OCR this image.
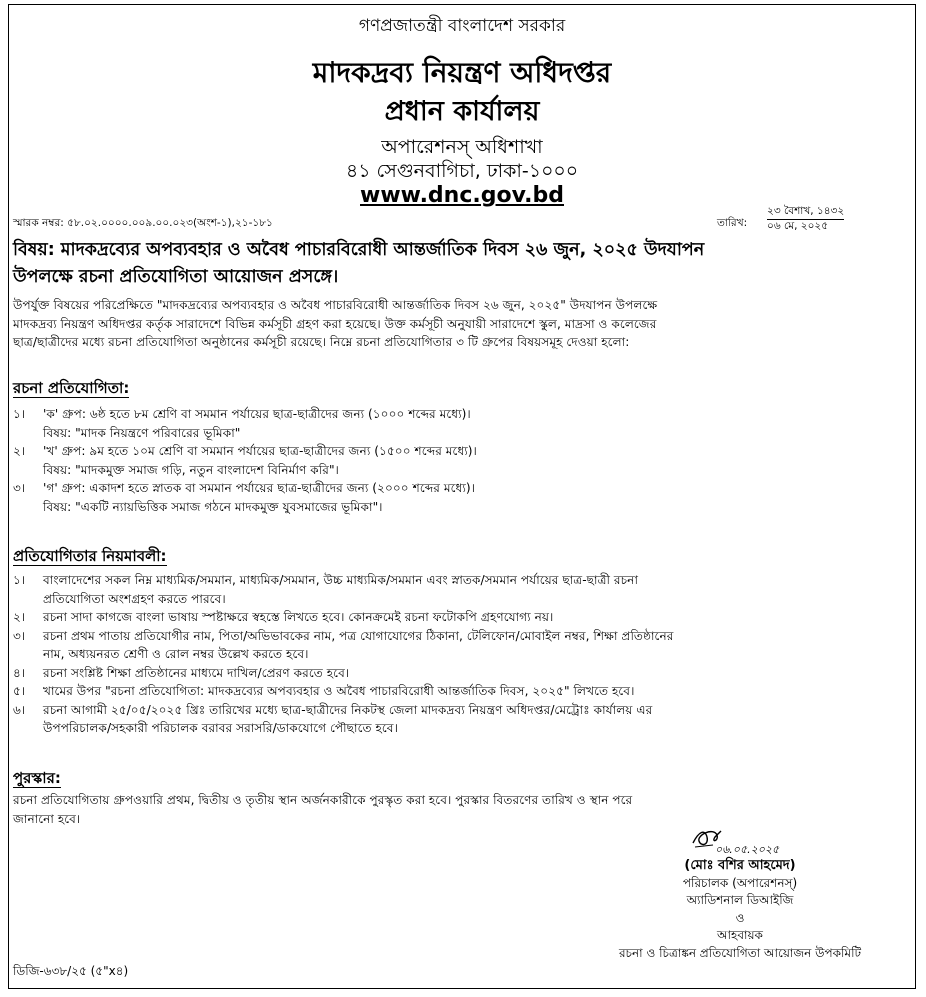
গণপ্রজাতন্ত্রী বাংলাদেশ সরকার
মাদকদ্রব্য নিয়ন্ত্রণ অধিদপ্তর
প্রধান কার্যালয়
অপারেশনস্ অধিশাখা
৪১ সেগুনবাগিচা, ঢাকা-১০০০
www.dnc.gov.bd
স্মারক নম্বর: ৫৮.০২.০০০০.০০৯.০০.০২৩(অংশ-১),২১-১৮১	তারিখ:
২৩ বৈশাখ, ১৪৩২
০৬ মে, ২০২৫
বিষয়: মাদকদ্রব্যের অপব্যবহার ও অবৈধ পাচারবিরোধী আন্তর্জাতিক দিবস ২৬ জুন, ২০২৫ উদযাপন
উপলক্ষে রচনা প্রতিযোগিতা আয়োজন প্রসঙ্গে।
উপর্যুক্ত বিষয়ের পরিপ্রেক্ষিতে "মাদকদ্রব্যের অপব্যবহার ও অবৈধ পাচারবিরোধী আন্তর্জাতিক দিবস ২৬ জুন, ২০২৫" উদযাপন উপলক্ষে
মাদকদ্রব্য নিয়ন্ত্রণ অধিদপ্তর কর্তৃক সারাদেশে বিভিন্ন কর্মসূচী গ্রহণ করা হয়েছে। উক্ত কর্মসূচী অনুযায়ী সারাদেশে স্কুল, মাদ্রসা ও কলেজের
ছাত্র/ছাত্রীদের মধ্যে রচনা প্রতিযোগিতা অনুষ্ঠানের কর্মসূচী রয়েছে। নিম্নে রচনা প্রতিযোগিতার ৩ টি গ্রুপের বিষয়সমূহ দেওয়া হলো:
রচনা প্রতিযোগিতা:
১।	'ক' গ্রুপ: ৬ষ্ঠ হতে ৮ম শ্রেণি বা সমমান পর্যায়ের ছাত্র-ছাত্রীদের জন্য (১০০০ শব্দের মধ্যে)।
বিষয়: "মাদক নিয়ন্ত্রণে পরিবারের ভূমিকা"
২।	'খ' গ্রুপ: ৯ম হতে ১০ম শ্রেণি বা সমমান পর্যায়ের ছাত্র-ছাত্রীদের জন্য (১৫০০ শব্দের মধ্যে)।
বিষয়: "মাদকমুক্ত সমাজ গড়ি, নতুন বাংলাদেশ বিনির্মাণ করি"।
৩।	'গ' গ্রুপ: একাদশ হতে স্নাতক বা সমমান পর্যায়ের ছাত্র-ছাত্রীদের জন্য (২০০০ শব্দের মধ্যে)।
বিষয়: "একটি ন্যায়ভিত্তিক সমাজ গঠনে মাদকমুক্ত যুবসমাজের ভূমিকা"।
প্রতিযোগিতার নিয়মাবলী:
১।	বাংলাদেশের সকল নিম্ন মাধ্যমিক/সমমান, মাধ্যমিক/সমমান, উচ্চ মাধ্যমিক/সমমান এবং স্নাতক/সমমান পর্যায়ের ছাত্র-ছাত্রী রচনা
প্রতিযোগিতা অংশগ্রহণ করতে পারবে।
২।	রচনা সাদা কাগজে বাংলা ভাষায় স্পষ্টাক্ষরে স্বহস্তে লিখতে হবে। কোনক্রমেই রচনা ফটোকপি গ্রহণযোগ্য নয়।
৩।	রচনা প্রথম পাতায় প্রতিযোগীর নাম, পিতা/অভিভাবকের নাম, পত্র যোগাযোগের ঠিকানা, টেলিফোন/মোবাইল নম্বর, শিক্ষা প্রতিষ্ঠানের
নাম, অধ্যয়নরত শ্রেণী ও রোল নম্বর উল্লেখ করতে হবে।
৪।	রচনা সংশ্লিষ্ট শিক্ষা প্রতিষ্ঠানের মাধ্যমে দাখিল/প্রেরণ করতে হবে।
৫।	খামের উপর "রচনা প্রতিযোগিতা: মাদকদ্রব্যের অপব্যবহার ও অবৈধ পাচারবিরোধী আন্তর্জাতিক দিবস, ২০২৫" লিখতে হবে।
৬।	রচনা আগামী ২৫/০৫/২০২৫ খ্রিঃ তারিখের মধ্যে ছাত্র-ছাত্রীদের নিকটস্থ জেলা মাদকদ্রব্য নিয়ন্ত্রণ অধিদপ্তর/মেট্রোঃ কার্যালয় এর
উপপরিচালক/সহকারী পরিচালক বরাবর সরাসরি/ডাকযোগে পৌছাতে হবে।
পুরস্কার:
রচনা প্রতিযোগিতায় গ্রুপওয়ারি প্রথম, দ্বিতীয় ও তৃতীয় স্থান অর্জনকারীকে পুরস্কৃত করা হবে। পুরস্কার বিতরণের তারিখ ও স্থান পরে
জানানো হবে।
০৬.০৫.২০২৫
(মোঃ বশির আহমেদ)
পরিচালক (অপারেশনস্)
অ্যাডিশনাল ডিআইজি
ও
আহবায়ক
রচনা ও চিত্রাঙ্কন প্রতিযোগিতা আয়োজন উপকমিটি
ডিজি-৬৩৮/২৫ (৫"x৪)
